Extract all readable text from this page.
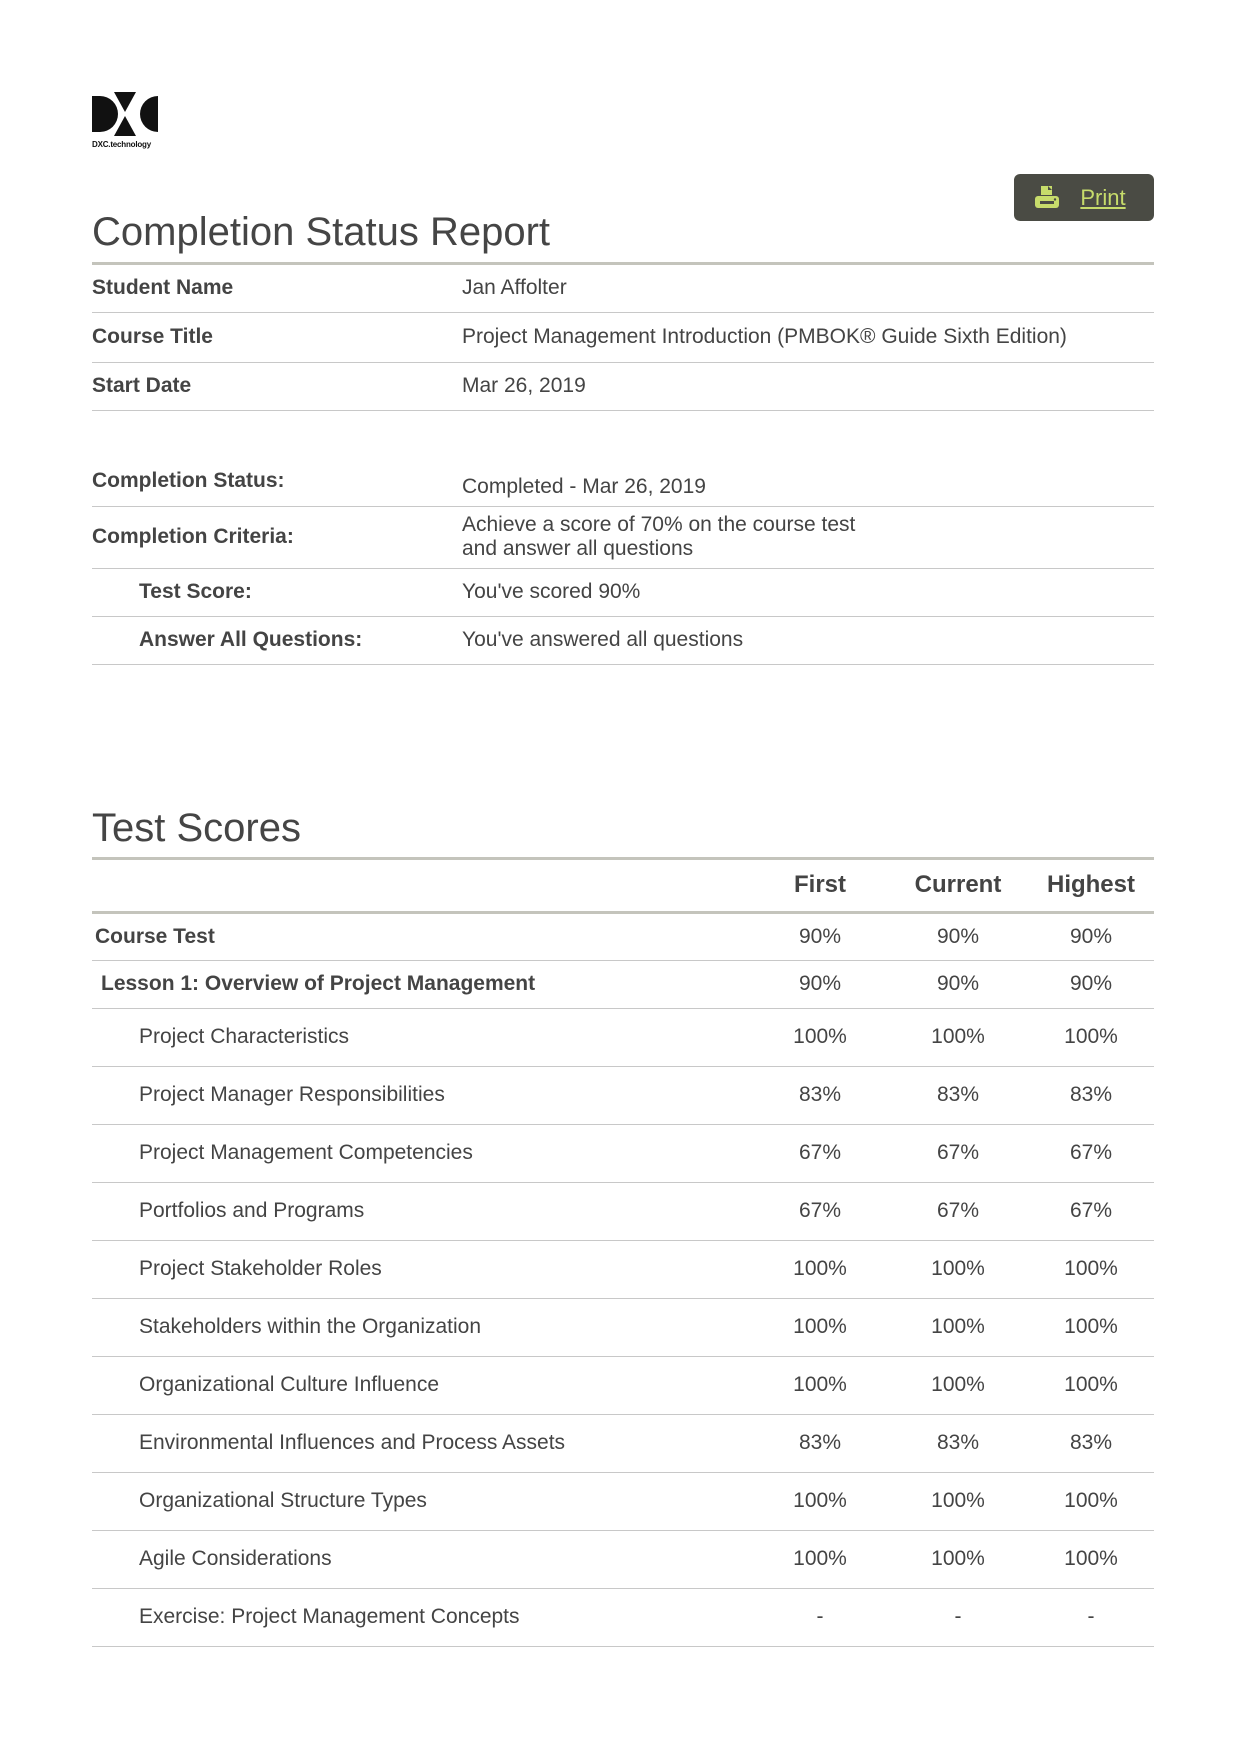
DXC.technology
Print
Completion Status Report
Student Name	Jan Affolter
Course Title	Project Management Introduction (PMBOK® Guide Sixth Edition)
Start Date	Mar 26, 2019
Completion Status:	Completed - Mar 26, 2019
Completion Criteria:	Achieve a score of 70% on the course test
and answer all questions

Test Score:	You've scored 90%
Answer All Questions:	You've answered all questions
Test Scores
	First	Current	Highest
Course Test	90%	90%	90%
Lesson 1: Overview of Project Management	90%	90%	90%
Project Characteristics	100%	100%	100%
Project Manager Responsibilities	83%	83%	83%
Project Management Competencies	67%	67%	67%
Portfolios and Programs	67%	67%	67%
Project Stakeholder Roles	100%	100%	100%
Stakeholders within the Organization	100%	100%	100%
Organizational Culture Influence	100%	100%	100%
Environmental Influences and Process Assets	83%	83%	83%
Organizational Structure Types	100%	100%	100%
Agile Considerations	100%	100%	100%
Exercise: Project Management Concepts	-	-	-
